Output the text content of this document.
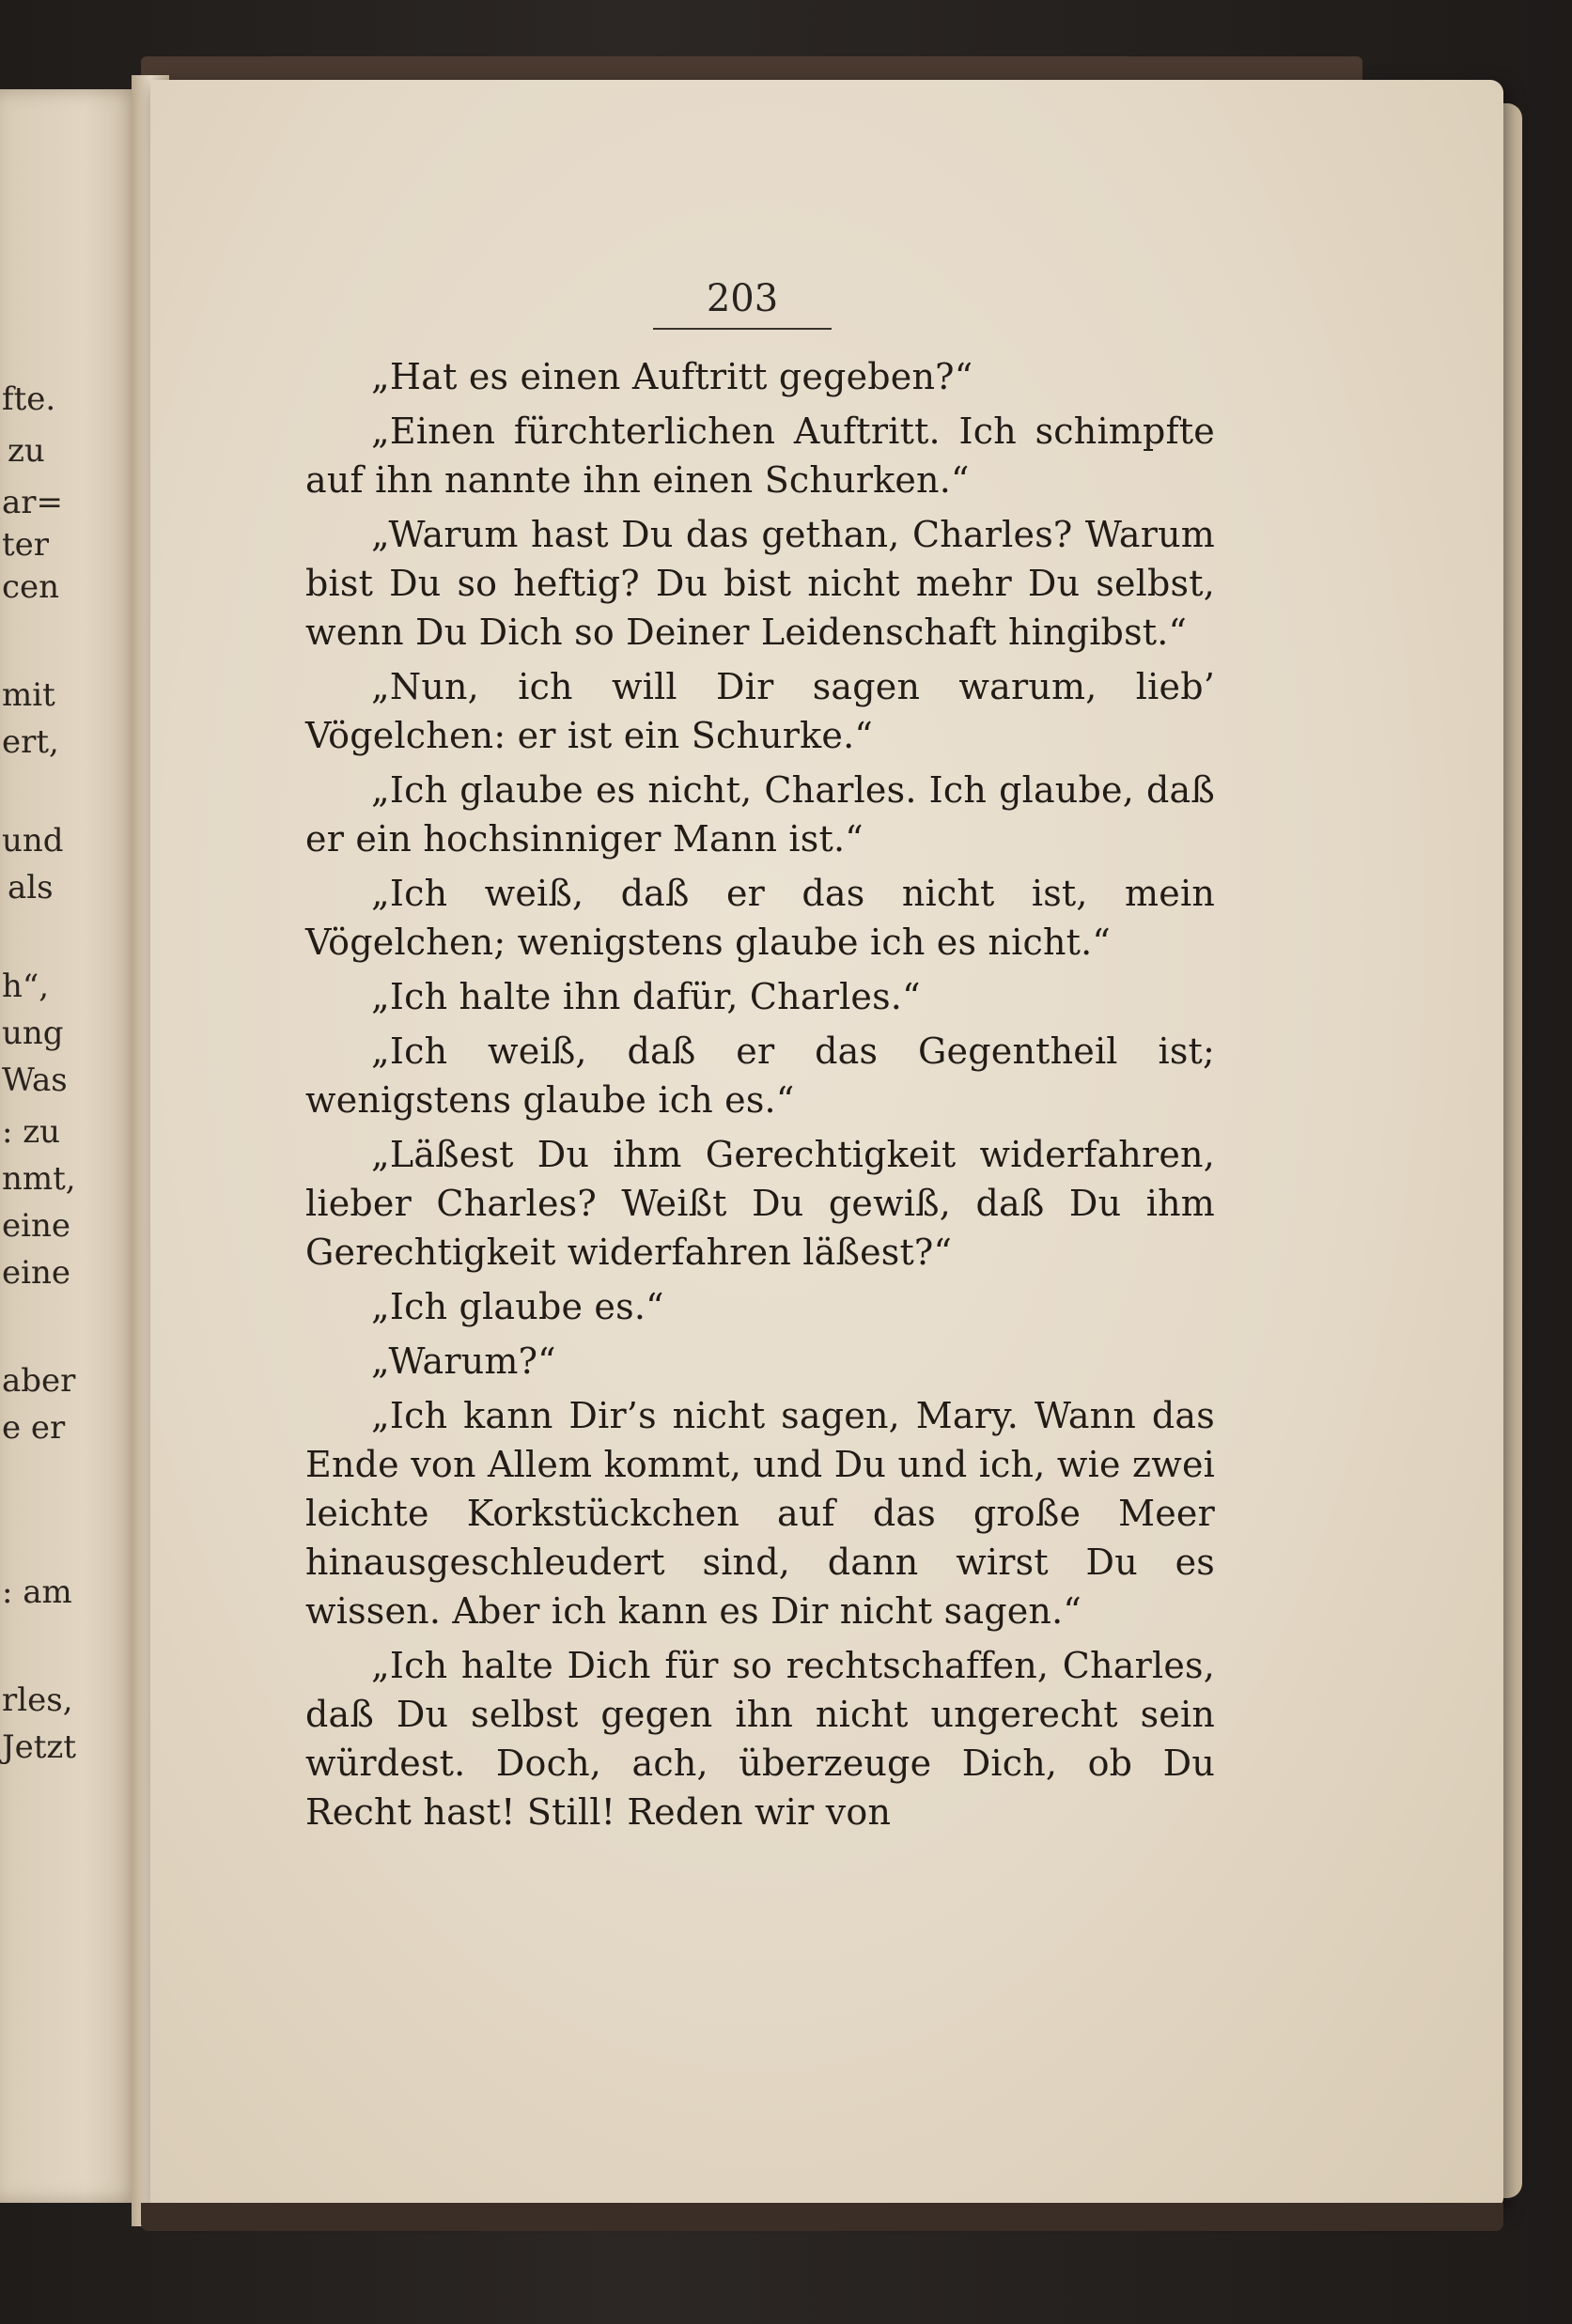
fte.
zu
ar=
ter
cen
mit
ert,
und
als
h“,
ung
Was
: zu
nmt,
eine
eine
aber
e er
: am
rles,
Jetzt
203

„Hat es einen Auftritt gegeben?“

„Einen fürchterlichen Auftritt. Ich schimpfte auf ihn nannte ihn einen Schurken.“

„Warum hast Du das gethan, Charles? Warum bist Du so heftig? Du bist nicht mehr Du selbst, wenn Du Dich so Deiner Leidenschaft hingibst.“

„Nun, ich will Dir sagen warum, lieb’ Vögelchen: er ist ein Schurke.“

„Ich glaube es nicht, Charles. Ich glaube, daß er ein hochsinniger Mann ist.“

„Ich weiß, daß er das nicht ist, mein Vögelchen; wenigstens glaube ich es nicht.“

„Ich halte ihn dafür, Charles.“

„Ich weiß, daß er das Gegentheil ist; wenigstens glaube ich es.“

„Läßest Du ihm Gerechtigkeit widerfahren, lieber Charles? Weißt Du gewiß, daß Du ihm Gerechtigkeit widerfahren läßest?“

„Ich glaube es.“

„Warum?“

„Ich kann Dir’s nicht sagen, Mary. Wann das Ende von Allem kommt, und Du und ich, wie zwei leichte Korkstückchen auf das große Meer hinausgeschleudert sind, dann wirst Du es wissen. Aber ich kann es Dir nicht sagen.“

„Ich halte Dich für so rechtschaffen, Charles, daß Du selbst gegen ihn nicht ungerecht sein würdest. Doch, ach, überzeuge Dich, ob Du Recht hast! Still! Reden wir von
